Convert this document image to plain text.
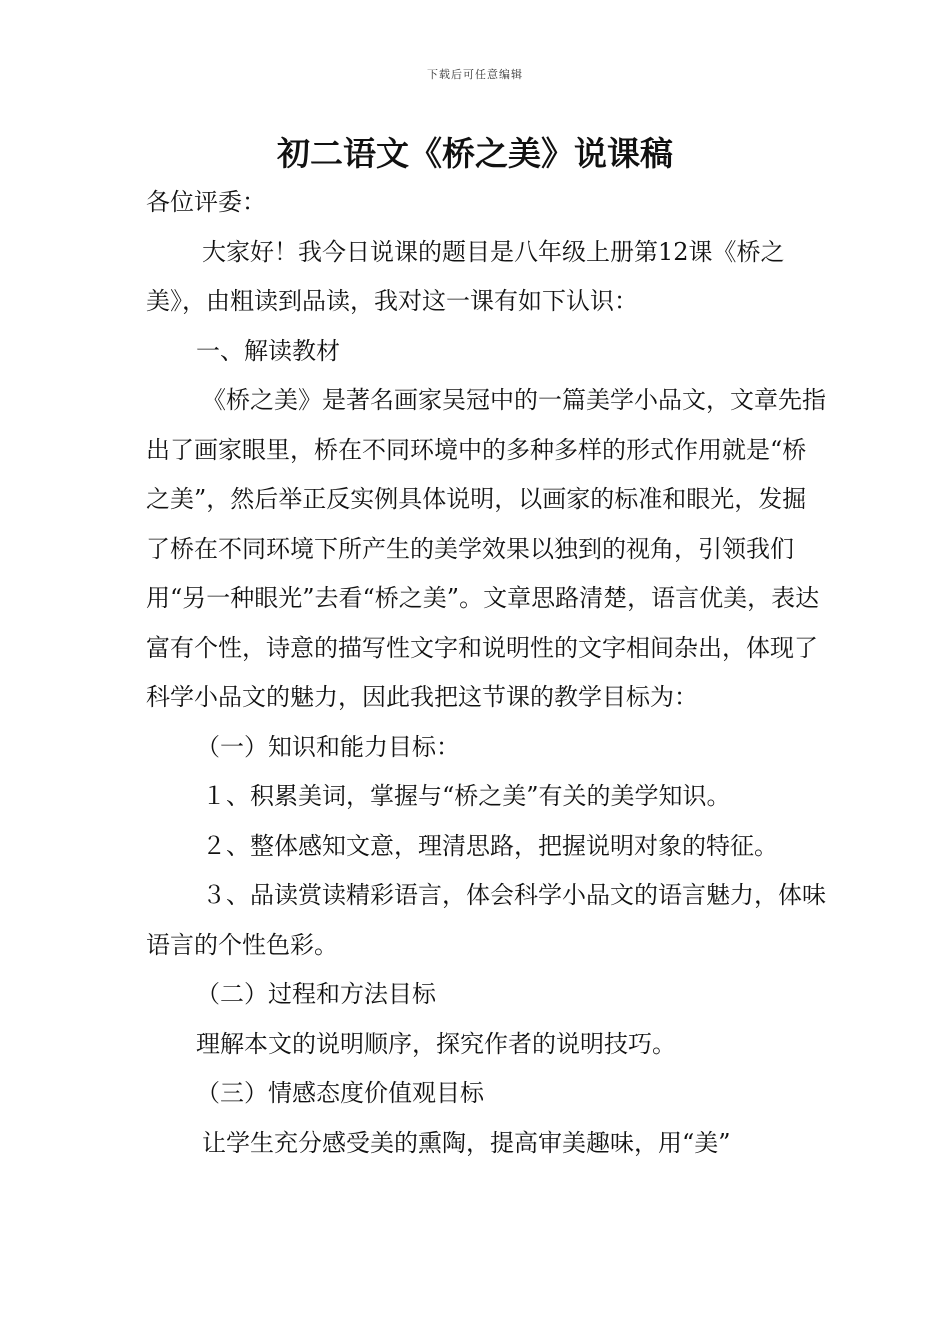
下载后可任意编辑
初二语文《桥之美》说课稿

各位评委：

大家好！我今日说课的题目是八年级上册第12课《桥之美》，由粗读到品读，我对这一课有如下认识：

一、解读教材

《桥之美》是著名画家吴冠中的一篇美学小品文，文章先指出了画家眼里，桥在不同环境中的多种多样的形式作用就是“桥之美”，然后举正反实例具体说明，以画家的标准和眼光，发掘了桥在不同环境下所产生的美学效果以独到的视角，引领我们用“另一种眼光”去看“桥之美”。文章思路清楚，语言优美，表达富有个性，诗意的描写性文字和说明性的文字相间杂出，体现了科学小品文的魅力，因此我把这节课的教学目标为：

（一）知识和能力目标：

１、积累美词，掌握与“桥之美”有关的美学知识。

２、整体感知文意，理清思路，把握说明对象的特征。

３、品读赏读精彩语言，体会科学小品文的语言魅力，体味语言的个性色彩。

（二）过程和方法目标

理解本文的说明顺序，探究作者的说明技巧。

（三）情感态度价值观目标

让学生充分感受美的熏陶，提高审美趣味，用“美”
